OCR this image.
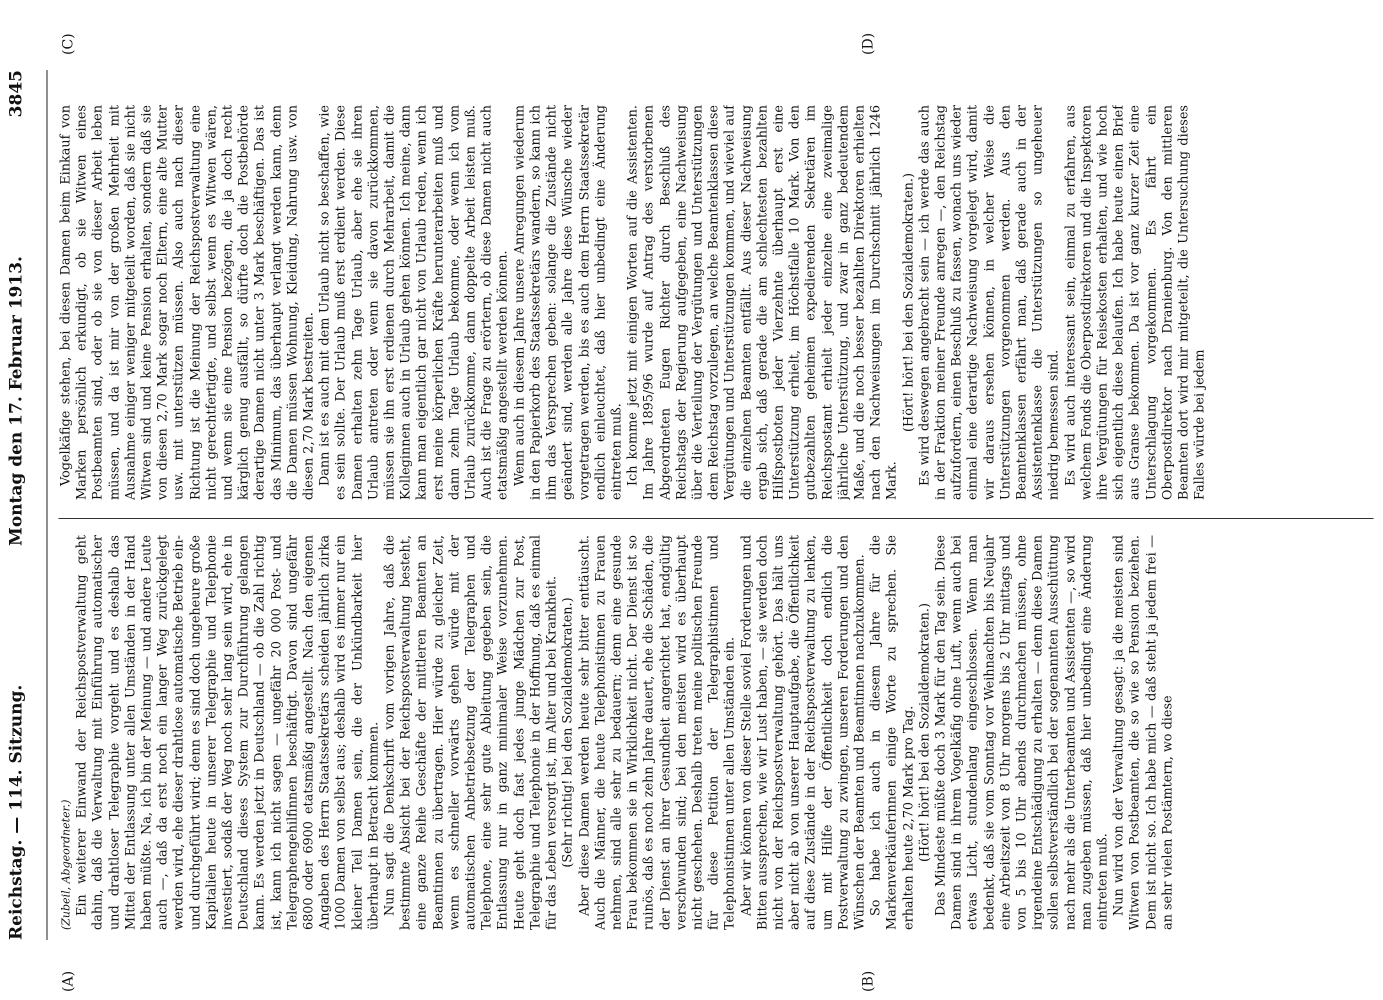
Reichstag. — 114. Sitzung.
Montag den 17. Februar 1913.
3845
(A)	(B)
(C)	(D)

(Zubeil, Abgeordneter.) Ein weiterer Einwand der Reichspostverwaltung geht dahin, daß die Verwaltung mit Einführung automatischer und drahtloser Telegraphie vorgeht und es deshalb das Mittel der Entlassung unter allen Umständen in der Hand haben müßte. Na, ich bin der Meinung — und andere Leute auch —, daß da erst noch ein langer Weg zurückgelegt werden wird, ehe dieser drahtlose automatische Betrieb ein- und durchgeführt wird; denn es sind doch ungeheure große Kapitalien heute in unserer Telegraphie und Telephonie investiert, sodaß der Weg noch sehr lang sein wird, ehe in Deutschland dieses System zur Durchführung gelangen kann. Es werden jetzt in Deutschland — ob die Zahl richtig ist, kann ich nicht sagen — ungefähr 20 000 Post- und Telegraphengehilfinnen beschäftigt. Davon sind ungefähr 6800 oder 6900 etatsmäßig angestellt. Nach den eigenen Angaben des Herrn Staatssekretärs scheiden jährlich zirka 1000 Damen von selbst aus; deshalb wird es immer nur ein kleiner Teil Damen sein, die der Unkündbarkeit hier überhaupt in Betracht kommen. Nun sagt die Denkschrift vom vorigen Jahre, daß die bestimmte Absicht bei der Reichspostverwaltung besteht, eine ganze Reihe Geschäfte der mittleren Beamten an Beamtinnen zu übertragen. Hier würde zu gleicher Zeit, wenn es schneller vorwärts gehen würde mit der automatischen Anbetriebsetzung der Telegraphen und Telephone, eine sehr gute Ableitung gegeben sein, die Entlassung nur in ganz minimaler Weise vorzunehmen. Heute geht doch fast jedes junge Mädchen zur Post, Telegraphie und Telephonie in der Hoffnung, daß es einmal für das Leben versorgt ist, im Alter und bei Krankheit. (Sehr richtig! bei den Sozialdemokraten.) Aber diese Damen werden heute sehr bitter enttäuscht. Auch die Männer, die heute Telephonistinnen zu Frauen nehmen, sind alle sehr zu bedauern; denn eine gesunde Frau bekommen sie in Wirklichkeit nicht. Der Dienst ist so ruinös, daß es noch zehn Jahre dauert, ehe die Schäden, die der Dienst an ihrer Gesundheit angerichtet hat, endgültig verschwunden sind; bei den meisten wird es überhaupt nicht geschehen. Deshalb treten meine politischen Freunde für diese Petition der Telegraphistinnen und Telephonistinnen unter allen Umständen ein. Aber wir können von dieser Stelle soviel Forderungen und Bitten aussprechen, wie wir Lust haben, — sie werden doch nicht von der Reichspostverwaltung gehört. Das hält uns aber nicht ab von unserer Hauptaufgabe, die Öffentlichkeit auf diese Zustände in der Reichspostverwaltung zu lenken, um mit Hilfe der Öffentlichkeit doch endlich die Postverwaltung zu zwingen, unseren Forderungen und den Wünschen der Beamten und Beamtinnen nachzukommen. So habe ich auch in diesem Jahre für die Markenverkäuferinnen einige Worte zu sprechen. Sie erhalten heute 2,70 Mark pro Tag. (Hört! hört! bei den Sozialdemokraten.) Das Mindeste müßte doch 3 Mark für den Tag sein. Diese Damen sind in ihrem Vogelkäfig ohne Luft, wenn auch bei etwas Licht, stundenlang eingeschlossen. Wenn man bedenkt, daß sie vom Sonntag vor Weihnachten bis Neujahr eine Arbeitszeit von 8 Uhr morgens bis 2 Uhr mittags und von 5 bis 10 Uhr abends durchmachen müssen, ohne irgendeine Entschädigung zu erhalten — denn diese Damen sollen selbstverständlich bei der sogenannten Ausschüttung nach mehr als die Unterbeamten und Assistenten —, so wird man zugeben müssen, daß hier unbedingt eine Änderung eintreten muß. Nun wird von der Verwaltung gesagt: ja die meisten sind Witwen von Postbeamten, die so wie so Pension beziehen. Dem ist nicht so. Ich habe mich — daß steht ja jedem frei — an sehr vielen Postämtern, wo diese

Vogelkäfige stehen, bei diesen Damen beim Einkauf von Marken persönlich erkundigt, ob sie Witwen eines Postbeamten sind, oder ob sie von dieser Arbeit leben müssen, und da ist mir von der großen Mehrheit mit Ausnahme einiger weniger mitgeteilt worden, daß sie nicht Witwen sind und keine Pension erhalten, sondern daß sie von diesen 2,70 Mark sogar noch Eltern, eine alte Mutter usw. mit unterstützen müssen. Also auch nach dieser Richtung ist die Meinung der Reichspostverwaltung eine nicht gerechtfertigte, und selbst wenn es Witwen wären, und wenn sie eine Pension bezögen, die ja doch recht kärglich genug ausfällt, so dürfte doch die Postbehörde derartige Damen nicht unter 3 Mark beschäftigen. Das ist das Minimum, das überhaupt verlangt werden kann, denn die Damen müssen Wohnung, Kleidung, Nahrung usw. von diesen 2,70 Mark bestreiten. Dann ist es auch mit dem Urlaub nicht so beschaffen, wie es sein sollte. Der Urlaub muß erst erdient werden. Diese Damen erhalten zehn Tage Urlaub, aber ehe sie ihren Urlaub antreten oder wenn sie davon zurückkommen, müssen sie ihn erst erdienen durch Mehrarbeit, damit die Kolleginnen auch in Urlaub gehen können. Ich meine, dann kann man eigentlich gar nicht von Urlaub reden, wenn ich erst meine körperlichen Kräfte herunterarbeiten muß und dann zehn Tage Urlaub bekomme, oder wenn ich vom Urlaub zurückkomme, dann doppelte Arbeit leisten muß. Auch ist die Frage zu erörtern, ob diese Damen nicht auch etatsmäßig angestellt werden können. Wenn auch in diesem Jahre unsere Anregungen wiederum in den Papierkorb des Staatssekretärs wandern, so kann ich ihm das Versprechen geben: solange die Zustände nicht geändert sind, werden alle Jahre diese Wünsche wieder vorgetragen werden, bis es auch dem Herrn Staatssekretär endlich einleuchtet, daß hier unbedingt eine Änderung eintreten muß. Ich komme jetzt mit einigen Worten auf die Assistenten. Im Jahre 1895/96 wurde auf Antrag des verstorbenen Abgeordneten Eugen Richter durch Beschluß des Reichstags der Regierung aufgegeben, eine Nachweisung über die Verteilung der Vergütungen und Unterstützungen dem Reichstag vorzulegen, an welche Beamtenklassen diese Vergütungen und Unterstützungen kommen, und wieviel auf die einzelnen Beamten entfällt. Aus dieser Nachweisung ergab sich, daß gerade die am schlechtesten bezahlten Hilfspostboten jeder Vierzehnte überhaupt erst eine Unterstützung erhielt, im Höchstfalle 10 Mark. Von den gutbezahlten geheimen expedierenden Sekretären im Reichspostamt erhielt jeder einzelne eine zweimalige jährliche Unterstützung, und zwar in ganz bedeutendem Maße, und die noch besser bezahlten Direktoren erhielten nach den Nachweisungen im Durchschnitt jährlich 1246 Mark.

(Hört! hört! bei den Sozialdemokraten.) Es wird deswegen angebracht sein — ich werde das auch in der Fraktion meiner Freunde anregen —, den Reichstag aufzufordern, einen Beschluß zu fassen, wonach uns wieder einmal eine derartige Nachweisung vorgelegt wird, damit wir daraus ersehen können, in welcher Weise die Unterstützungen vorgenommen werden. Aus den Beamtenklassen erfährt man, daß gerade auch in der Assistentenklasse die Unterstützungen so ungeheuer niedrig bemessen sind. Es wird auch interessant sein, einmal zu erfahren, aus welchem Fonds die Oberpostdirektoren und die Inspektoren ihre Vergütungen für Reisekosten erhalten, und wie hoch sich eigentlich diese belaufen. Ich habe heute einen Brief aus Granse bekommen. Da ist vor ganz kurzer Zeit eine Unterschlagung vorgekommen. Es fährt ein Oberpostdirektor nach Dranienburg. Von den mittleren Beamten dort wird mir mitgeteilt, die Untersuchung dieses Falles würde bei jedem
